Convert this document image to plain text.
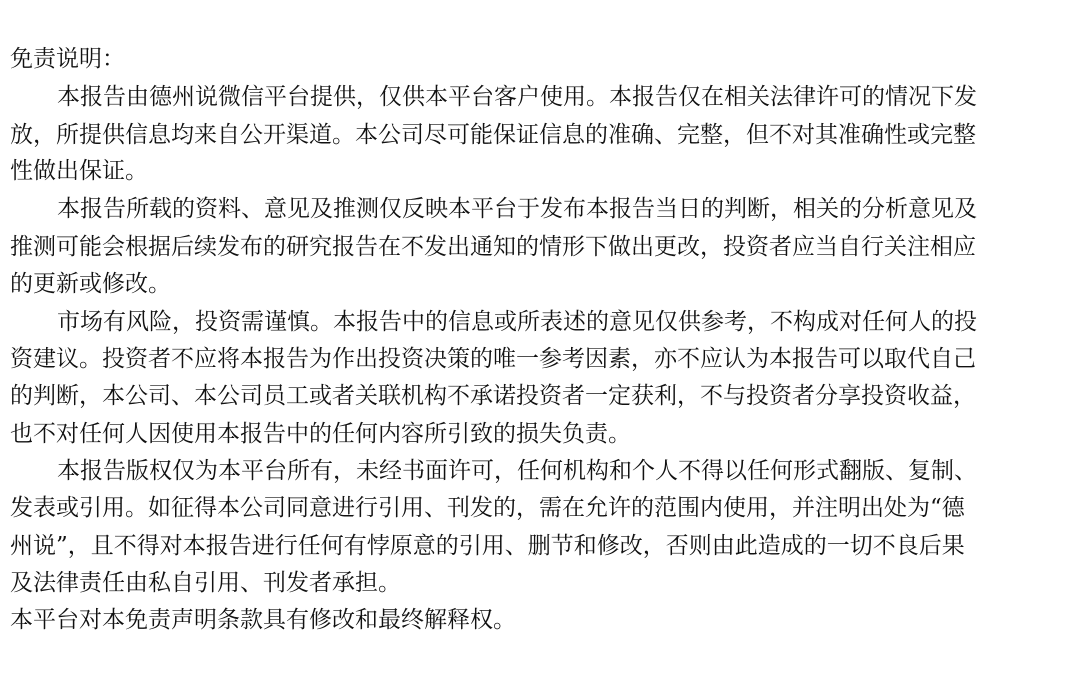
免责说明：
本报告由德州说微信平台提供，仅供本平台客户使用。本报告仅在相关法律许可的情况下发
放，所提供信息均来自公开渠道。本公司尽可能保证信息的准确、完整，但不对其准确性或完整
性做出保证。
本报告所载的资料、意见及推测仅反映本平台于发布本报告当日的判断，相关的分析意见及
推测可能会根据后续发布的研究报告在不发出通知的情形下做出更改，投资者应当自行关注相应
的更新或修改。
市场有风险，投资需谨慎。本报告中的信息或所表述的意见仅供参考，不构成对任何人的投
资建议。投资者不应将本报告为作出投资决策的唯一参考因素，亦不应认为本报告可以取代自己
的判断，本公司、本公司员工或者关联机构不承诺投资者一定获利，不与投资者分享投资收益，
也不对任何人因使用本报告中的任何内容所引致的损失负责。
本报告版权仅为本平台所有，未经书面许可，任何机构和个人不得以任何形式翻版、复制、
发表或引用。如征得本公司同意进行引用、刊发的，需在允许的范围内使用，并注明出处为“德
州说”，且不得对本报告进行任何有悖原意的引用、删节和修改，否则由此造成的一切不良后果
及法律责任由私自引用、刊发者承担。
本平台对本免责声明条款具有修改和最终解释权。
